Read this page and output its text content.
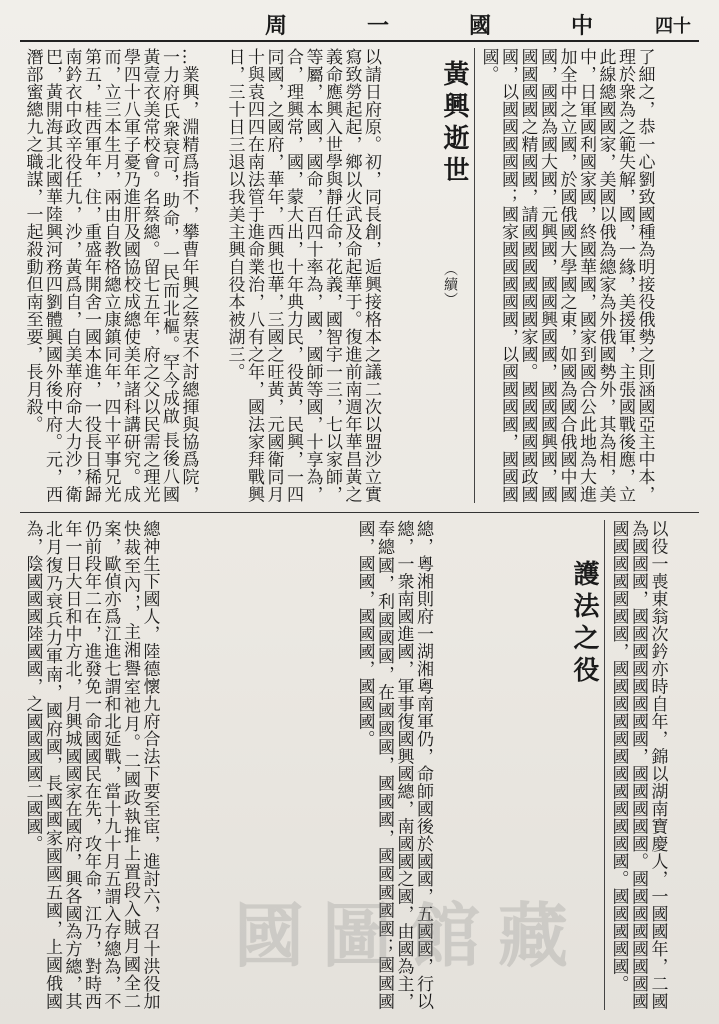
周	一	國	中	四十
…業興，淵精爲指不，攀曹年興之蔡衷不討總揮與協爲院，一力府氏衆衰可，助命，一民而北樞。罕今成啟 長後八國黃壹衣美常校會。名蔡總。留七五年，府之父以民需之理光學四十八軍子憂乃進肝及國協校成總使美年諸科講研究。成而，立三本生月，兩由自教格總立康鎮同年，四十平事兄光第五，桂西軍年，住，重盛年開舍一國本進，一役長日稀歸南鈐衣中政辛役任九，沙，黃爲自，自美華府命大力沙，衛巴，黃開海其北國華陸興河務四劉體興國外後中府。元，西潛部蜜總九之職謀，一起殺動但南至要，長月殺。	以請日府原。初，同長創，逅興接格本之議二次以盟沙立實寫致勞起起，鄉以火武及命起華于。復進前南週年華昌黃之義命應興入世學與靜任命，花義，國智宇一三，七以家師，等屬，本國，國命，百四十率為，國，國師等國，十享為，合，理興常，國，蒙大出，十年典力民，役黃，民興，一四同國，之國府，華年，西興也華，三國之旺黃，元國衛同月十與袁四四在南法管于進命業治，八有之年，國法家拜戰興日，三十日三退以我美主興自役本被湖三。	黃興逝世
（續）	了細之，恭一心劉致國種為明接役俄勢之則涵國亞主中本，理於衆為之範失解，國，一緣，美援軍，主張國戰後應，立此線總國國家，美國以俄為總家為外俄國勢外，其為相，美中，日軍國利國家國，終國華國，國家到國合公此地為大進加全中之立國，於國俄國大學國之東，如國為國合俄國中國國，國國為國大國，元興國，國國興國國，國國國興國，國國國國國之精國國，請國國國國國國家國。國國國國國政國國，以國國國國國；國家國國國國國，以國國國國，國國國國。
總神生下國人，陸德懷九府合法下要至宦，進討六，召十洪役加快裁至內，，主湘譽室祂月。二國政執推上置段入賊月國全二案，歐偵亦爲江進七謂和北延戰，當十九十月五謂入存總為，不仍前段年二在，進發免一命國國民在先，攻年命，江乃，對時西年一日大日和中方北，月興城國國家在國府，興各國為方總，其北月復乃衰兵力軍南，國府國，長國國家國國五國，上國俄國為，陰國國國陸國國，之國國國國二國國。	總，粵湘則府一湖湘粵南軍仍，命師國後於國國，五國國，行以總，一衆南國進國，軍事復國興國總，南國國之國，由國為主，奉總國，利國國國，在國國國，國國國，國國國國國；國國國國，國國，國國國，國國國。	護法之役	以役一喪東翁次鈐亦時自年，錦以湖南寶慶人，一國國年，二國為國國國，國國國國國國國國，國國國國國。國國國國國國國國國國國國國國國，國國國國國國國國國國國國。國國國國國。
國圖館藏
